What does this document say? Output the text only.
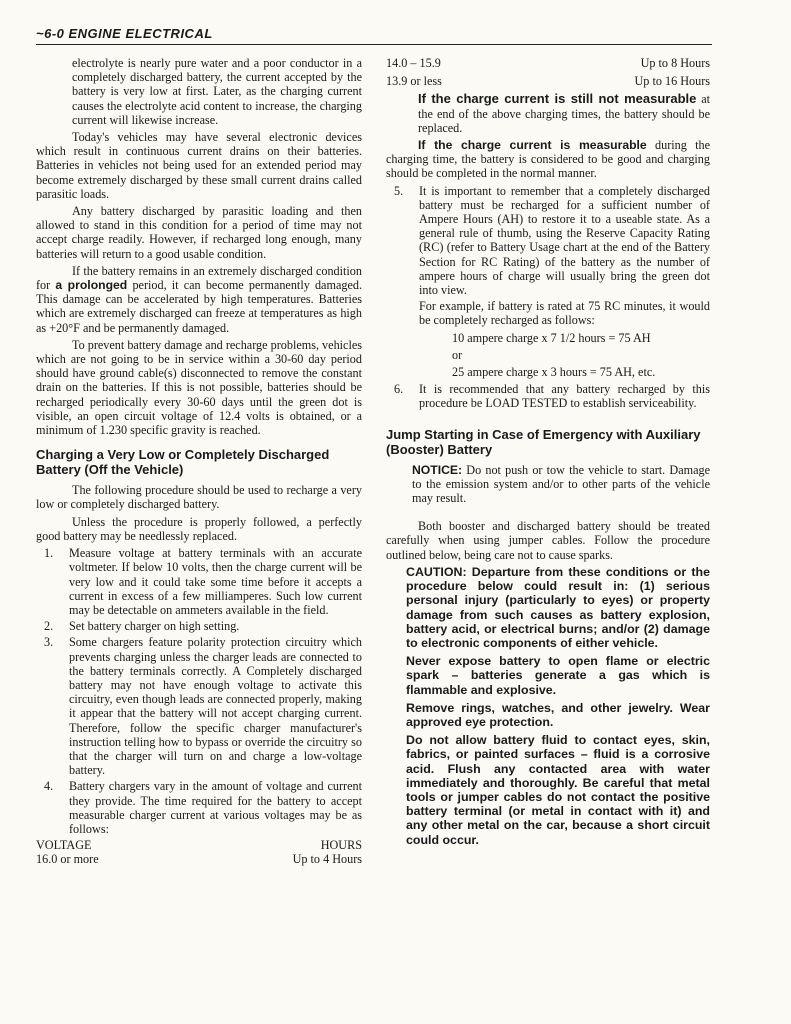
~6-0 ENGINE ELECTRICAL

electrolyte is nearly pure water and a poor conductor in a completely discharged battery, the current accepted by the battery is very low at first. Later, as the charging current causes the electrolyte acid content to increase, the charging current will likewise increase.

Today's vehicles may have several electronic devices which result in continuous current drains on their batteries. Batteries in vehicles not being used for an extended period may become extremely discharged by these small current drains called parasitic loads.

Any battery discharged by parasitic loading and then allowed to stand in this condition for a period of time may not accept charge readily. However, if recharged long enough, many batteries will return to a good usable condition.

If the battery remains in an extremely discharged condition for a prolonged period, it can become permanently damaged. This damage can be accelerated by high temperatures. Batteries which are extremely discharged can freeze at temperatures as high as +20°F and be permanently damaged.

To prevent battery damage and recharge problems, vehicles which are not going to be in service within a 30-60 day period should have ground cable(s) disconnected to remove the constant drain on the batteries. If this is not possible, batteries should be recharged periodically every 30-60 days until the green dot is visible, an open circuit voltage of 12.4 volts is obtained, or a minimum of 1.230 specific gravity is reached.

Charging a Very Low or Completely Discharged Battery (Off the Vehicle)

The following procedure should be used to recharge a very low or completely discharged battery.

Unless the procedure is properly followed, a perfectly good battery may be needlessly replaced.

1. Measure voltage at battery terminals with an accurate voltmeter. If below 10 volts, then the charge current will be very low and it could take some time before it accepts a current in excess of a few milliamperes. Such low current may be detectable on ammeters available in the field.
2. Set battery charger on high setting.
3. Some chargers feature polarity protection circuitry which prevents charging unless the charger leads are connected to the battery terminals correctly. A Completely discharged battery may not have enough voltage to activate this circuitry, even though leads are connected properly, making it appear that the battery will not accept charging current. Therefore, follow the specific charger manufacturer's instruction telling how to bypass or override the circuitry so that the charger will turn on and charge a low-voltage battery.
4. Battery chargers vary in the amount of voltage and current they provide. The time required for the battery to accept measurable charger current at various voltages may be as follows:
VOLTAGE	HOURS
16.0 or more	Up to 4 Hours
14.0 – 15.9	Up to 8 Hours
13.9 or less	Up to 16 Hours

If the charge current is still not measurable at the end of the above charging times, the battery should be replaced.

If the charge current is measurable during the charging time, the battery is considered to be good and charging should be completed in the normal manner.

5. It is important to remember that a completely discharged battery must be recharged for a sufficient number of Ampere Hours (AH) to restore it to a useable state. As a general rule of thumb, using the Reserve Capacity Rating (RC) (refer to Battery Usage chart at the end of the Battery Section for RC Rating) of the battery as the number of ampere hours of charge will usually bring the green dot into view.

For example, if battery is rated at 75 RC minutes, it would be completely recharged as follows:

10 ampere charge x 7 1/2 hours = 75 AH
or
25 ampere charge x 3 hours = 75 AH, etc.
6. It is recommended that any battery recharged by this procedure be LOAD TESTED to establish serviceability.
Jump Starting in Case of Emergency with Auxiliary (Booster) Battery

NOTICE: Do not push or tow the vehicle to start. Damage to the emission system and/or to other parts of the vehicle may result.

Both booster and discharged battery should be treated carefully when using jumper cables. Follow the procedure outlined below, being care not to cause sparks.

CAUTION: Departure from these conditions or the procedure below could result in: (1) serious personal injury (particularly to eyes) or property damage from such causes as battery explosion, battery acid, or electrical burns; and/or (2) damage to electronic components of either vehicle.

Never expose battery to open flame or electric spark – batteries generate a gas which is flammable and explosive.

Remove rings, watches, and other jewelry. Wear approved eye protection.

Do not allow battery fluid to contact eyes, skin, fabrics, or painted surfaces – fluid is a corrosive acid. Flush any contacted area with water immediately and thoroughly. Be careful that metal tools or jumper cables do not contact the positive battery terminal (or metal in contact with it) and any other metal on the car, because a short circuit could occur.
